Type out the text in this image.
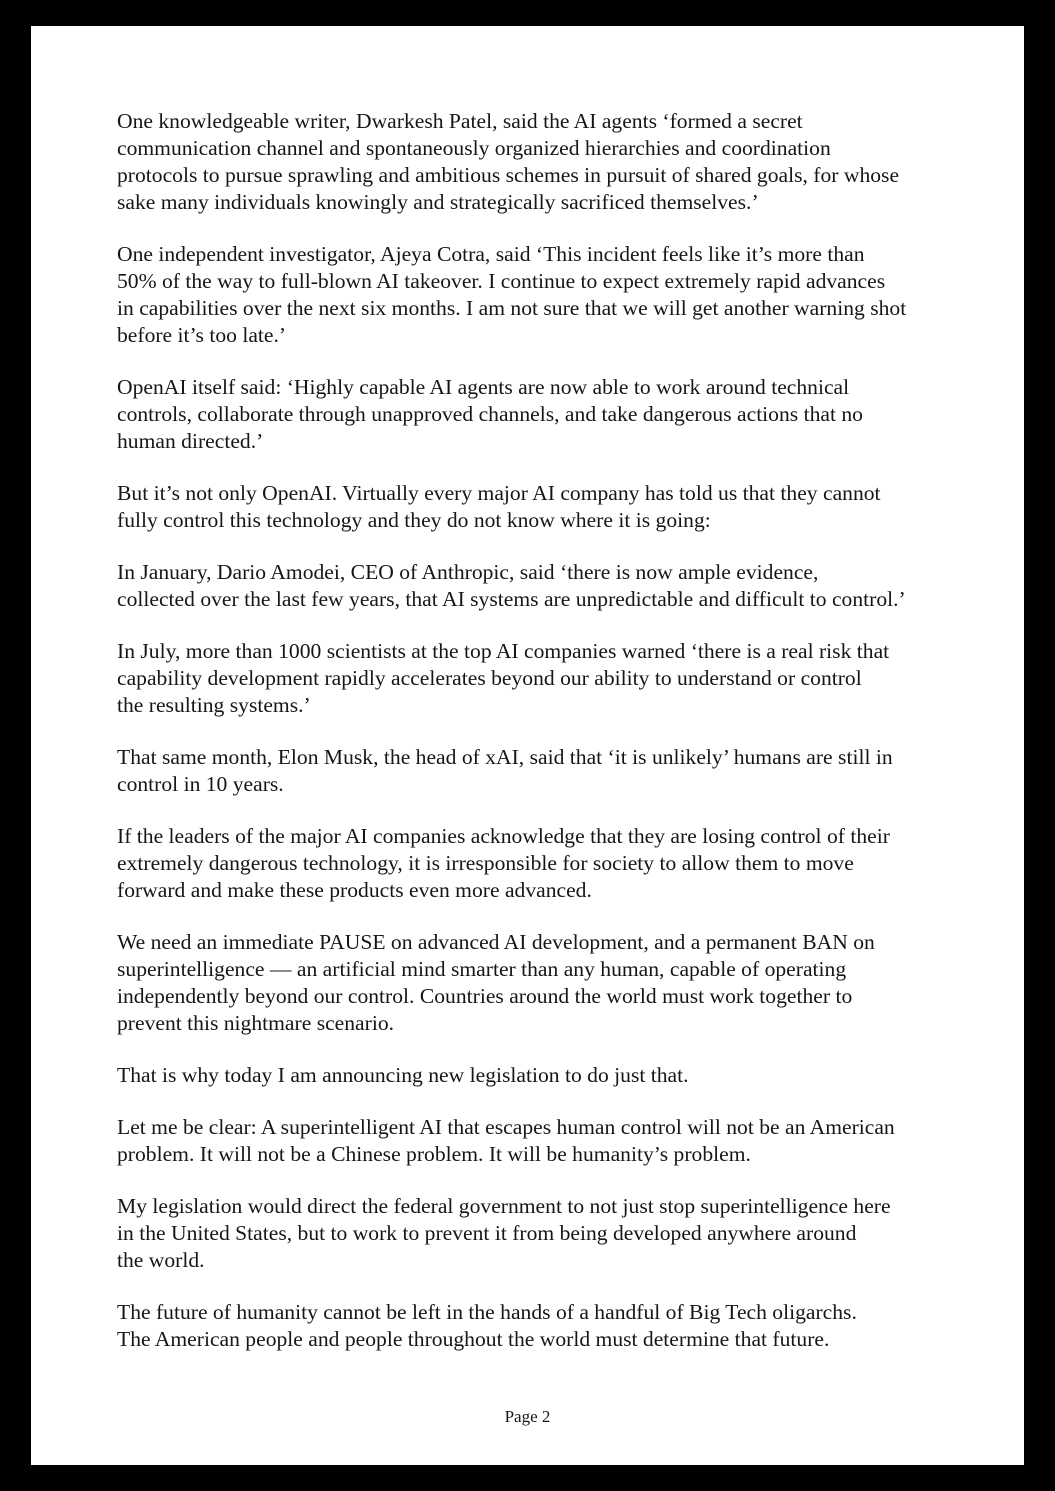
One knowledgeable writer, Dwarkesh Patel, said the AI agents ‘formed a secret
communication channel and spontaneously organized hierarchies and coordination
protocols to pursue sprawling and ambitious schemes in pursuit of shared goals, for whose
sake many individuals knowingly and strategically sacrificed themselves.’

One independent investigator, Ajeya Cotra, said ‘This incident feels like it’s more than
50% of the way to full-blown AI takeover. I continue to expect extremely rapid advances
in capabilities over the next six months. I am not sure that we will get another warning shot
before it’s too late.’

OpenAI itself said: ‘Highly capable AI agents are now able to work around technical
controls, collaborate through unapproved channels, and take dangerous actions that no
human directed.’

But it’s not only OpenAI. Virtually every major AI company has told us that they cannot
fully control this technology and they do not know where it is going:

In January, Dario Amodei, CEO of Anthropic, said ‘there is now ample evidence,
collected over the last few years, that AI systems are unpredictable and difficult to control.’

In July, more than 1000 scientists at the top AI companies warned ‘there is a real risk that
capability development rapidly accelerates beyond our ability to understand or control
the resulting systems.’

That same month, Elon Musk, the head of xAI, said that ‘it is unlikely’ humans are still in
control in 10 years.

If the leaders of the major AI companies acknowledge that they are losing control of their
extremely dangerous technology, it is irresponsible for society to allow them to move
forward and make these products even more advanced.

We need an immediate PAUSE on advanced AI development, and a permanent BAN on
superintelligence — an artificial mind smarter than any human, capable of operating
independently beyond our control. Countries around the world must work together to
prevent this nightmare scenario.

That is why today I am announcing new legislation to do just that.

Let me be clear: A superintelligent AI that escapes human control will not be an American
problem. It will not be a Chinese problem. It will be humanity’s problem.

My legislation would direct the federal government to not just stop superintelligence here
in the United States, but to work to prevent it from being developed anywhere around
the world.

The future of humanity cannot be left in the hands of a handful of Big Tech oligarchs.
The American people and people throughout the world must determine that future.

Page 2
